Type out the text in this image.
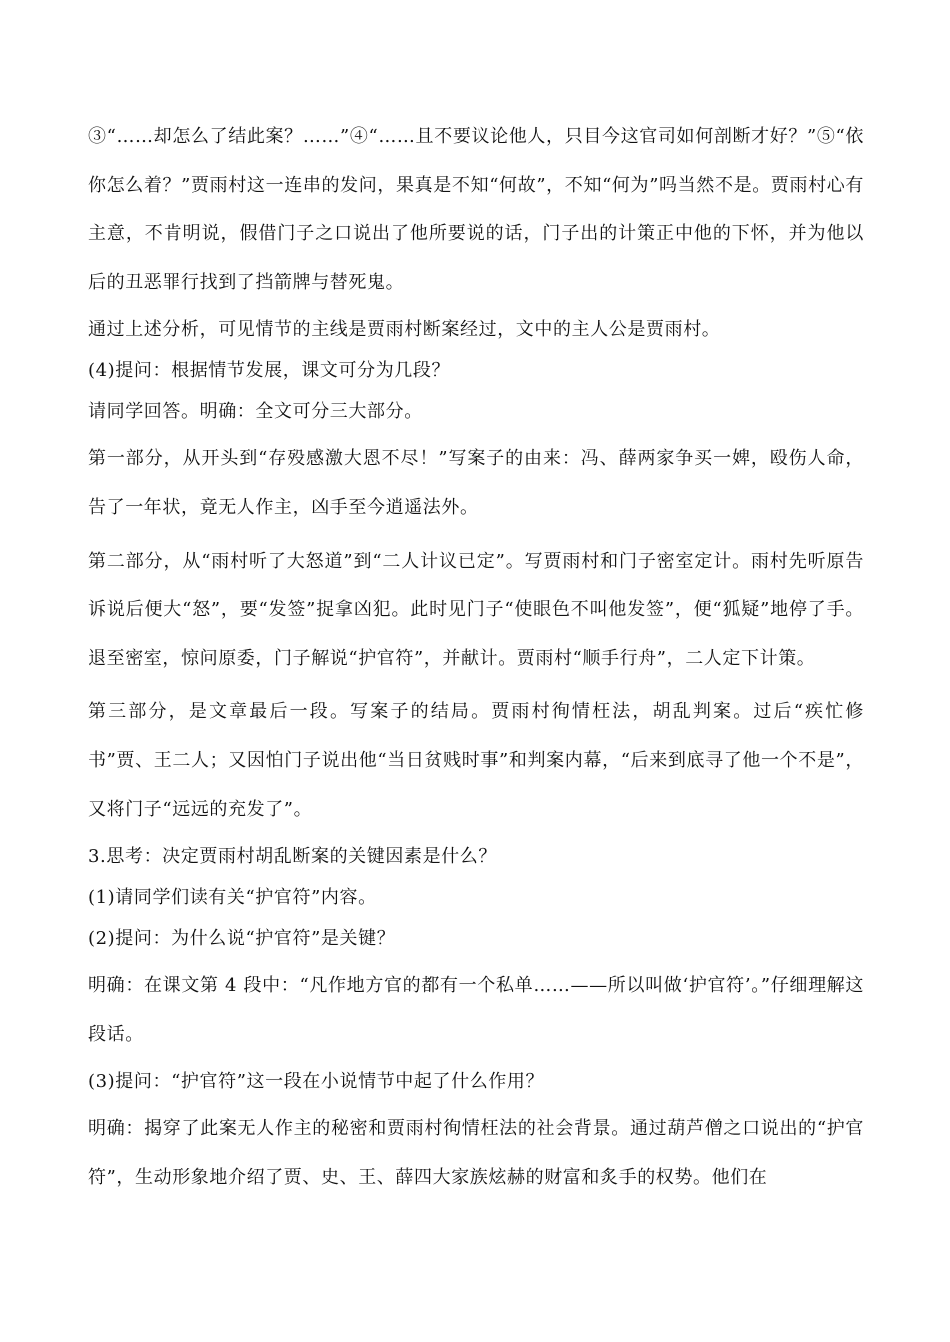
③“……却怎么了结此案？……”④“……且不要议论他人，只目今这官司如何剖断才好？”⑤“依你怎么着？”贾雨村这一连串的发问，果真是不知“何故”，不知“何为”吗当然不是。贾雨村心有主意，不肯明说，假借门子之口说出了他所要说的话，门子出的计策正中他的下怀，并为他以后的丑恶罪行找到了挡箭牌与替死鬼。

通过上述分析，可见情节的主线是贾雨村断案经过，文中的主人公是贾雨村。

(4)提问：根据情节发展，课文可分为几段？

请同学回答。明确：全文可分三大部分。

第一部分，从开头到“存殁感激大恩不尽！”写案子的由来：冯、薛两家争买一婢，殴伤人命，告了一年状，竟无人作主，凶手至今逍遥法外。

第二部分，从“雨村听了大怒道”到“二人计议已定”。写贾雨村和门子密室定计。雨村先听原告诉说后便大“怒”，要“发签”捉拿凶犯。此时见门子“使眼色不叫他发签”，便“狐疑”地停了手。退至密室，惊问原委，门子解说“护官符”，并献计。贾雨村“顺手行舟”，二人定下计策。

第三部分，是文章最后一段。写案子的结局。贾雨村徇情枉法，胡乱判案。过后“疾忙修书”贾、王二人；又因怕门子说出他“当日贫贱时事”和判案内幕，“后来到底寻了他一个不是”，又将门子“远远的充发了”。

3.思考：决定贾雨村胡乱断案的关键因素是什么？

(1)请同学们读有关“护官符”内容。

(2)提问：为什么说“护官符”是关键？

明确：在课文第 4 段中：“凡作地方官的都有一个私单……——所以叫做‘护官符’。”仔细理解这段话。

(3)提问：“护官符”这一段在小说情节中起了什么作用？

明确：揭穿了此案无人作主的秘密和贾雨村徇情枉法的社会背景。通过葫芦僧之口说出的“护官符”，生动形象地介绍了贾、史、王、薛四大家族炫赫的财富和炙手的权势。他们在
